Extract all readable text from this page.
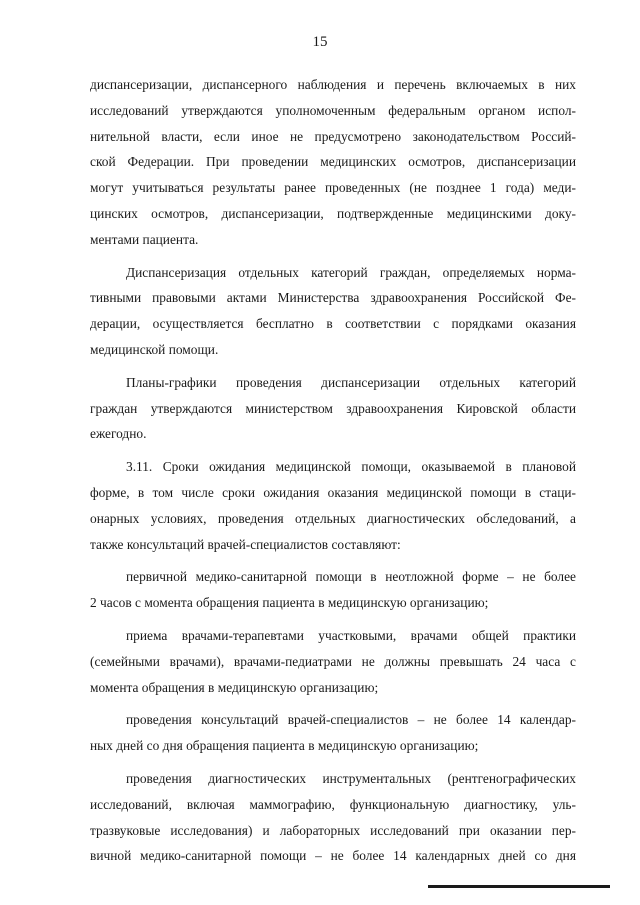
15
диспансеризации, диспансерного наблюдения и перечень включаемых в них
исследований утверждаются уполномоченным федеральным органом испол-
нительной власти, если иное не предусмотрено законодательством Россий-
ской Федерации. При проведении медицинских осмотров, диспансеризации
могут учитываться результаты ранее проведенных (не позднее 1 года) меди-
цинских осмотров, диспансеризации, подтвержденные медицинскими доку-
ментами пациента.
Диспансеризация отдельных категорий граждан, определяемых норма-
тивными правовыми актами Министерства здравоохранения Российской Фе-
дерации, осуществляется бесплатно в соответствии с порядками оказания
медицинской помощи.
Планы-графики проведения диспансеризации отдельных категорий
граждан утверждаются министерством здравоохранения Кировской области
ежегодно.
3.11. Сроки ожидания медицинской помощи, оказываемой в плановой
форме, в том числе сроки ожидания оказания медицинской помощи в стаци-
онарных условиях, проведения отдельных диагностических обследований, а
также консультаций врачей-специалистов составляют:
первичной медико-санитарной помощи в неотложной форме – не более
2 часов с момента обращения пациента в медицинскую организацию;
приема врачами-терапевтами участковыми, врачами общей практики
(семейными врачами), врачами-педиатрами не должны превышать 24 часа с
момента обращения в медицинскую организацию;
проведения консультаций врачей-специалистов – не более 14 календар-
ных дней со дня обращения пациента в медицинскую организацию;
проведения диагностических инструментальных (рентгенографических
исследований, включая маммографию, функциональную диагностику, уль-
тразвуковые исследования) и лабораторных исследований при оказании пер-
вичной медико-санитарной помощи – не более 14 календарных дней со дня
